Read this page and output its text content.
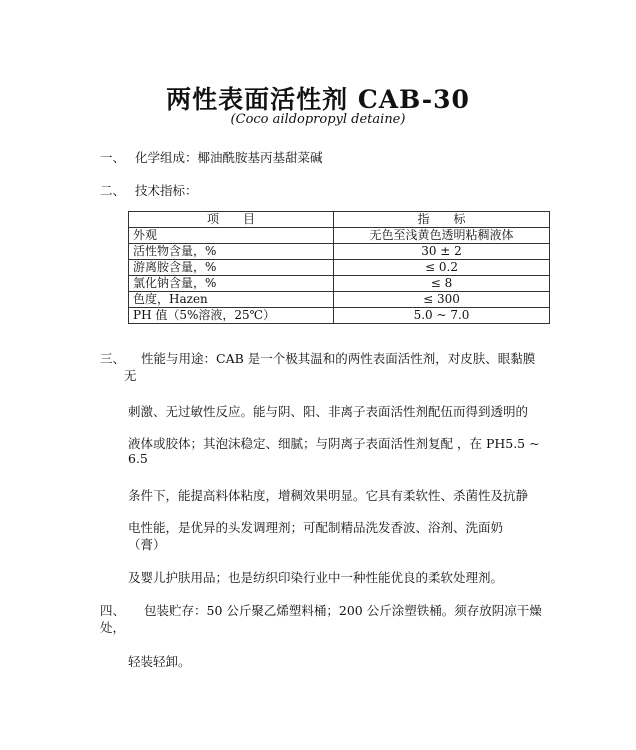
两性表面活性剂 CAB-30
(Coco aildopropyl detaine)
一、 化学组成：椰油酰胺基丙基甜菜碱
二、 技术指标：
项　　目	指　　标
外观	无色至浅黄色透明粘稠液体
活性物含量，%	30 ± 2
游离胺含量，%	≤ 0.2
氯化钠含量，%	≤ 8
色度，Hazen	≤ 300
PH 值（5%溶液，25℃）	5.0 ~ 7.0
三、 性能与用途：CAB 是一个极其温和的两性表面活性剂，对皮肤、眼黏膜
无
刺激、无过敏性反应。能与阴、阳、非离子表面活性剂配伍而得到透明的
液体或胶体；其泡沫稳定、细腻；与阴离子表面活性剂复配 ，在 PH5.5 ~
6.5
条件下，能提高料体粘度，增稠效果明显。它具有柔软性、杀菌性及抗静
电性能，是优异的头发调理剂；可配制精品洗发香波、浴剂、洗面奶
（膏）
及婴儿护肤用品；也是纺织印染行业中一种性能优良的柔软处理剂。
四、 包装贮存：50 公斤聚乙烯塑料桶；200 公斤涂塑铁桶。须存放阴凉干燥
处，
轻装轻卸。
